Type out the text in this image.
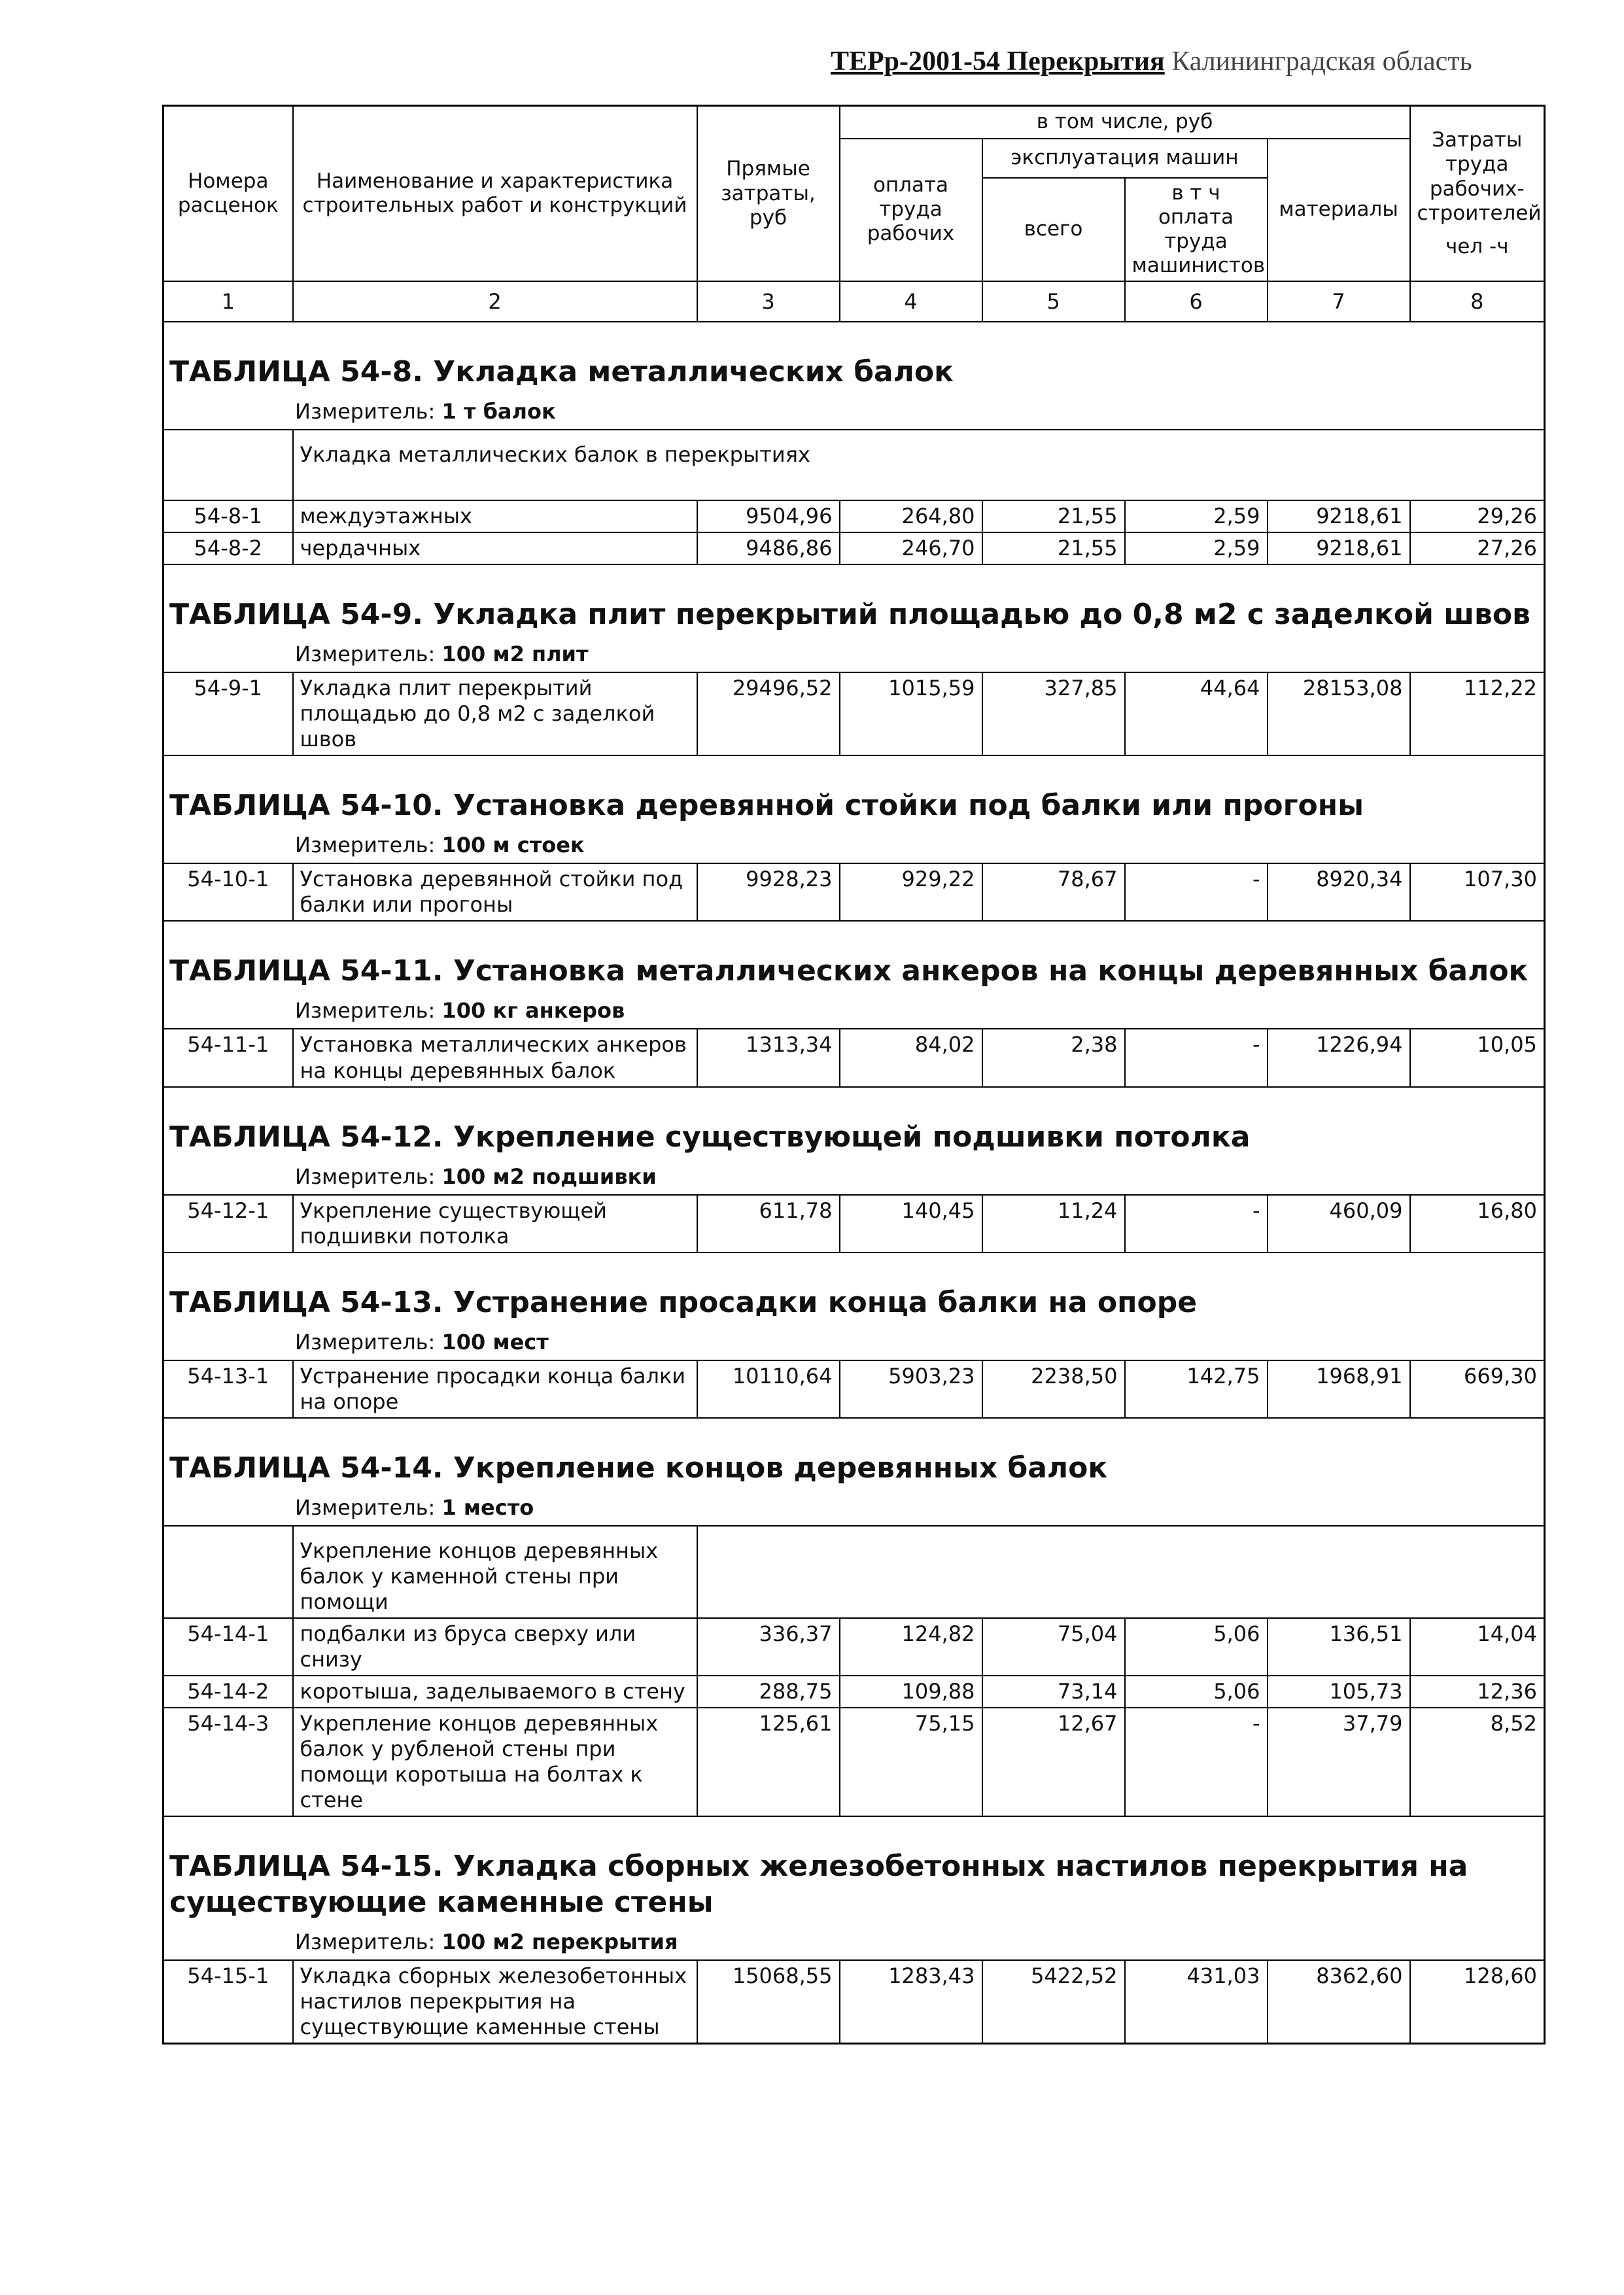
ТЕРр-2001-54 Перекрытия Калининградская область
Номера расценок	Наименование и характеристика строительных работ и конструкций	Прямые затраты, руб	в том числе, руб				Затраты труда рабочих-строителей
чел -ч

			оплата труда рабочих	эксплуатация машин		материалы	
				всего	в т ч оплата труда машинистов		
1	2	3	4	5	6	7	8

ТАБЛИЦА 54-8. Укладка металлических балок							

Измеритель: 1 т балок							
	Укладка металлических балок в перекрытиях						
54-8-1	междуэтажных	9504,96	264,80	21,55	2,59	9218,61	29,26
54-8-2	чердачных	9486,86	246,70	21,55	2,59	9218,61	27,26

ТАБЛИЦА 54-9. Укладка плит перекрытий площадью до 0,8 м2 с заделкой швов							

Измеритель: 100 м2 плит							
54-9-1	Укладка плит перекрытий площадью до 0,8 м2 с заделкой швов	29496,52	1015,59	327,85	44,64	28153,08	112,22

ТАБЛИЦА 54-10. Установка деревянной стойки под балки или прогоны							

Измеритель: 100 м стоек							
54-10-1	Установка деревянной стойки под балки или прогоны	9928,23	929,22	78,67	-	8920,34	107,30

ТАБЛИЦА 54-11. Установка металлических анкеров на концы деревянных балок							

Измеритель: 100 кг анкеров							
54-11-1	Установка металлических анкеров на концы деревянных балок	1313,34	84,02	2,38	-	1226,94	10,05

ТАБЛИЦА 54-12. Укрепление существующей подшивки потолка							

Измеритель: 100 м2 подшивки							
54-12-1	Укрепление существующей подшивки потолка	611,78	140,45	11,24	-	460,09	16,80

ТАБЛИЦА 54-13. Устранение просадки конца балки на опоре							

Измеритель: 100 мест							
54-13-1	Устранение просадки конца балки на опоре	10110,64	5903,23	2238,50	142,75	1968,91	669,30

ТАБЛИЦА 54-14. Укрепление концов деревянных балок							

Измеритель: 1 место							
	Укрепление концов деревянных балок у каменной стены при помощи						
54-14-1	подбалки из бруса сверху или снизу	336,37	124,82	75,04	5,06	136,51	14,04
54-14-2	коротыша, заделываемого в стену	288,75	109,88	73,14	5,06	105,73	12,36
54-14-3	Укрепление концов деревянных балок у рубленой стены при помощи коротыша на болтах к стене	125,61	75,15	12,67	-	37,79	8,52

ТАБЛИЦА 54-15. Укладка сборных железобетонных настилов перекрытия на существующие каменные стены							

Измеритель: 100 м2 перекрытия							
54-15-1	Укладка сборных железобетонных настилов перекрытия на существующие каменные стены	15068,55	1283,43	5422,52	431,03	8362,60	128,60
